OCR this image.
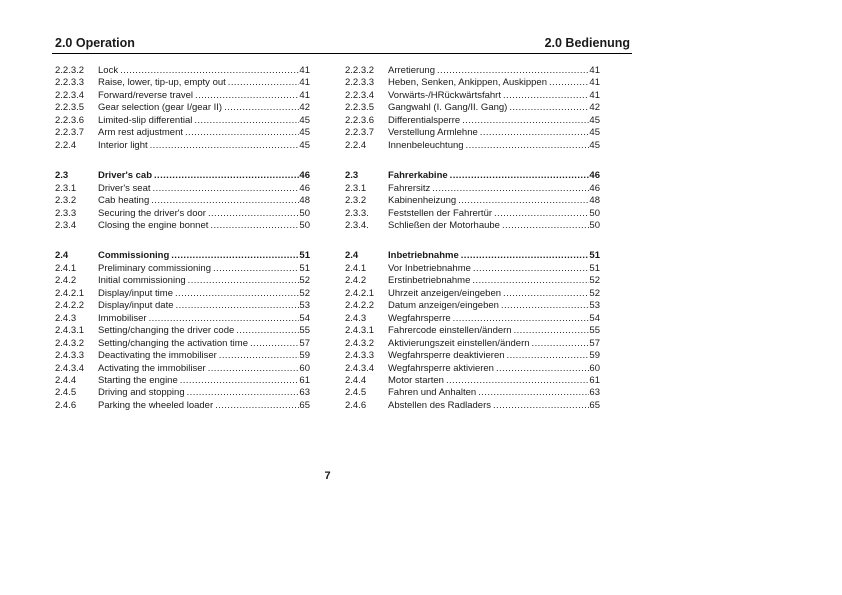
2.0 Operation	2.0 Bedienung
2.2.3.2	Lock .....	41
2.2.3.3	Raise, lower, tip-up, empty out .....	41
2.2.3.4	Forward/reverse travel .....	41
2.2.3.5	Gear selection (gear I/gear II) .....	42
2.2.3.6	Limited-slip differential .....	45
2.2.3.7	Arm rest adjustment .....	45
2.2.4	Interior light .....	45
2.3	Driver's cab .....	46
2.3.1	Driver's seat .....	46
2.3.2	Cab heating .....	48
2.3.3	Securing the driver's door .....	50
2.3.4	Closing the engine bonnet .....	50
2.4	Commissioning .....	51
2.4.1	Preliminary commissioning .....	51
2.4.2	Initial commissioning .....	52
2.4.2.1	Display/input time .....	52
2.4.2.2	Display/input date .....	53
2.4.3	Immobiliser .....	54
2.4.3.1	Setting/changing the driver code .....	55
2.4.3.2	Setting/changing the activation time .....	57
2.4.3.3	Deactivating the immobiliser .....	59
2.4.3.4	Activating the immobiliser .....	60
2.4.4	Starting the engine .....	61
2.4.5	Driving and stopping .....	63
2.4.6	Parking the wheeled loader .....	65
2.2.3.2	Arretierung .....	41
2.2.3.3	Heben, Senken, Ankippen, Auskippen .....	41
2.2.3.4	Vorwärts-/HRückwärtsfahrt .....	41
2.2.3.5	Gangwahl (I. Gang/II. Gang) .....	42
2.2.3.6	Differentialsperre .....	45
2.2.3.7	Verstellung Armlehne .....	45
2.2.4	Innenbeleuchtung .....	45
2.3	Fahrerkabine .....	46
2.3.1	Fahrersitz .....	46
2.3.2	Kabinenheizung .....	48
2.3.3.	Feststellen der Fahrertür .....	50
2.3.4.	Schließen der Motorhaube .....	50
2.4	Inbetriebnahme .....	51
2.4.1	Vor Inbetriebnahme .....	51
2.4.2	Erstinbetriebnahme .....	52
2.4.2.1	Uhrzeit anzeigen/eingeben .....	52
2.4.2.2	Datum anzeigen/eingeben .....	53
2.4.3	Wegfahrsperre .....	54
2.4.3.1	Fahrercode einstellen/ändern .....	55
2.4.3.2	Aktivierungszeit einstellen/ändern .....	57
2.4.3.3	Wegfahrsperre deaktivieren .....	59
2.4.3.4	Wegfahrsperre aktivieren .....	60
2.4.4	Motor starten .....	61
2.4.5	Fahren und Anhalten .....	63
2.4.6	Abstellen des Radladers .....	65
7
